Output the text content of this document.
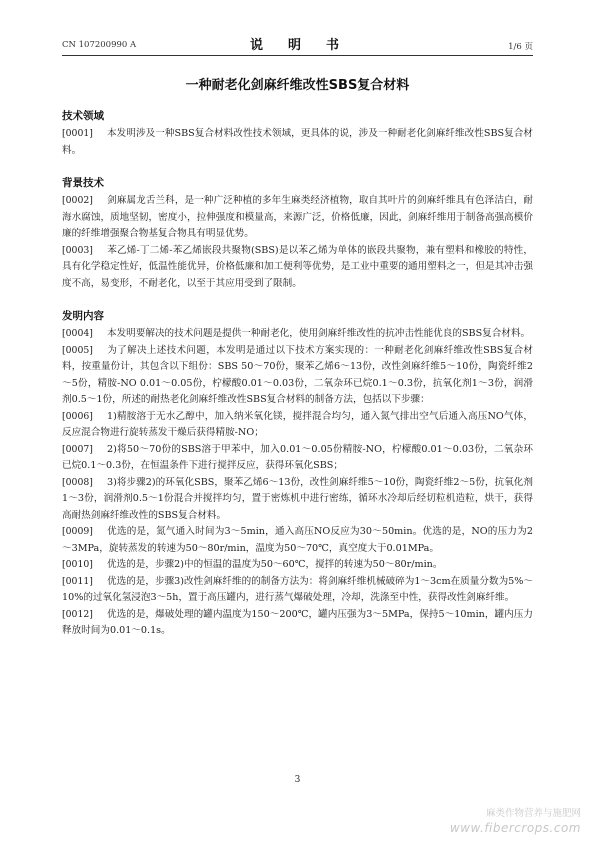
CN 107200990 A	说　明　书	1/6 页
一种耐老化剑麻纤维改性SBS复合材料
技术领域

[0001] 本发明涉及一种SBS复合材料改性技术领域，更具体的说，涉及一种耐老化剑麻纤维改性SBS复合材料。

背景技术

[0002] 剑麻属龙舌兰科，是一种广泛种植的多年生麻类经济植物，取自其叶片的剑麻纤维具有色泽洁白，耐海水腐蚀，质地坚韧，密度小，拉伸强度和模量高，来源广泛，价格低廉，因此，剑麻纤维用于制备高强高模价廉的纤维增强聚合物基复合物具有明显优势。

[0003] 苯乙烯-丁二烯-苯乙烯嵌段共聚物(SBS)是以苯乙烯为单体的嵌段共聚物，兼有塑料和橡胶的特性，具有化学稳定性好，低温性能优异，价格低廉和加工便利等优势，是工业中重要的通用塑料之一，但是其冲击强度不高，易变形，不耐老化，以至于其应用受到了限制。

发明内容

[0004] 本发明要解决的技术问题是提供一种耐老化，使用剑麻纤维改性的抗冲击性能优良的SBS复合材料。

[0005] 为了解决上述技术问题，本发明是通过以下技术方案实现的：一种耐老化剑麻纤维改性SBS复合材料，按重量份计，其包含以下组份：SBS 50～70份，聚苯乙烯6～13份，改性剑麻纤维5～10份，陶瓷纤维2～5份，精胺-NO 0.01～0.05份，柠檬酸0.01～0.03份，二氧杂环已烷0.1～0.3份，抗氧化剂1～3份，润滑剂0.5～1份，所述的耐热老化剑麻纤维改性SBS复合材料的制备方法，包括以下步骤：

[0006] 1)精胺溶于无水乙醇中，加入纳米氧化镁，搅拌混合均匀，通入氮气排出空气后通入高压NO气体，反应混合物进行旋转蒸发干燥后获得精胺-NO；

[0007] 2)将50～70份的SBS溶于甲苯中，加入0.01～0.05份精胺-NO，柠檬酸0.01～0.03份，二氧杂环已烷0.1～0.3份，在恒温条件下进行搅拌反应，获得环氧化SBS；

[0008] 3)将步骤2)的环氧化SBS，聚苯乙烯6～13份，改性剑麻纤维5～10份，陶瓷纤维2～5份，抗氧化剂1～3份，润滑剂0.5～1份混合并搅拌均匀，置于密炼机中进行密练，循环水冷却后经切粒机造粒，烘干，获得高耐热剑麻纤维改性的SBS复合材料。

[0009] 优选的是，氮气通入时间为3～5min，通入高压NO反应为30～50min。优选的是，NO的压力为2～3MPa，旋转蒸发的转速为50～80r/min，温度为50～70℃，真空度大于0.01MPa。

[0010] 优选的是，步骤2)中的恒温的温度为50～60℃，搅拌的转速为50～80r/min。

[0011] 优选的是，步骤3)改性剑麻纤维的的制备方法为：将剑麻纤维机械破碎为1～3cm在质量分数为5%～10%的过氧化氢浸泡3～5h，置于高压罐内，进行蒸气爆破处理，冷却，洗涤至中性，获得改性剑麻纤维。

[0012] 优选的是，爆破处理的罐内温度为150～200℃，罐内压强为3～5MPa，保持5～10min，罐内压力释放时间为0.01～0.1s。

3
麻类作物营养与施肥网
www.fibercrops.com
